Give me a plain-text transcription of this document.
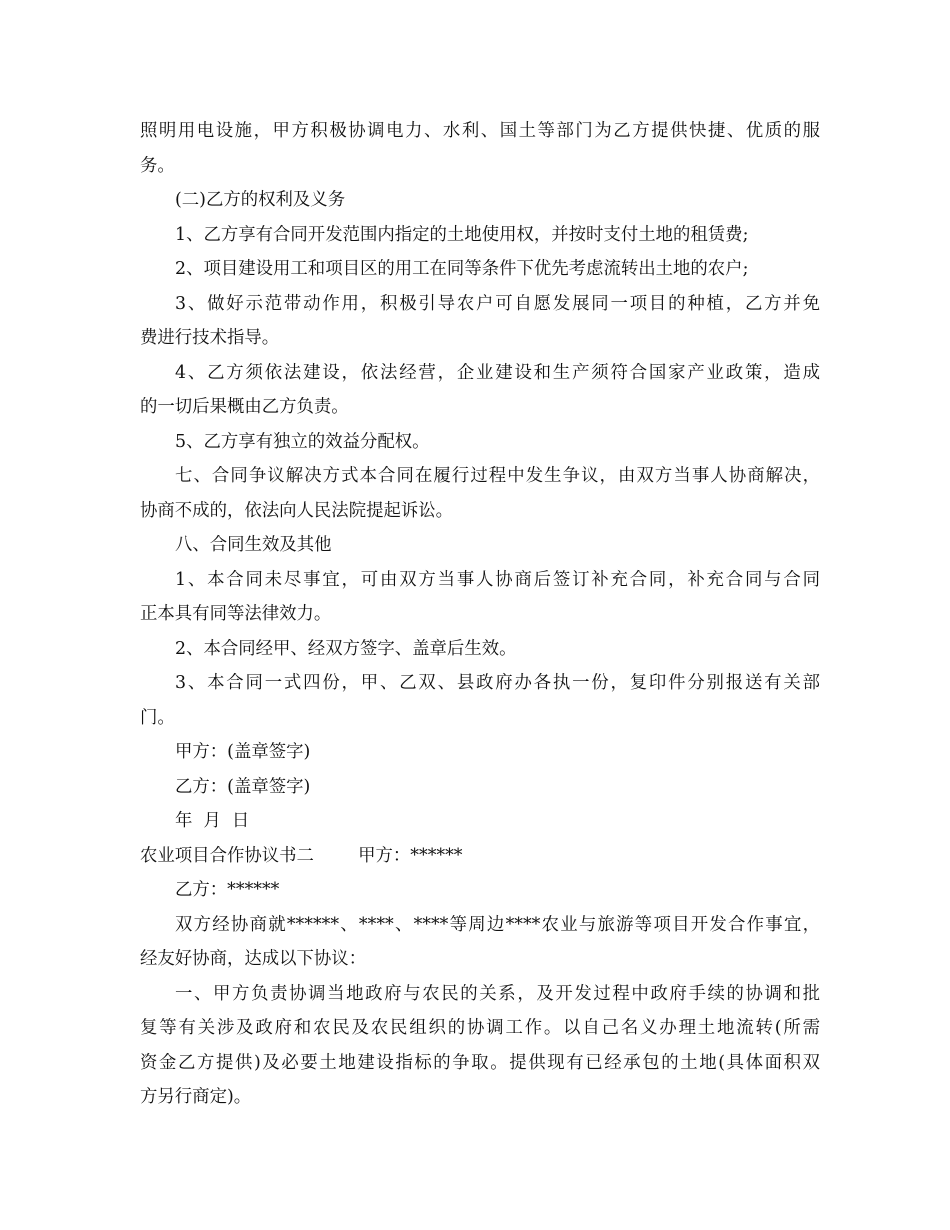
照明用电设施，甲方积极协调电力、水利、国土等部门为乙方提供快捷、优质的服
务。
(二)乙方的权利及义务
1、乙方享有合同开发范围内指定的土地使用权，并按时支付土地的租赁费;
2、项目建设用工和项目区的用工在同等条件下优先考虑流转出土地的农户;
3、做好示范带动作用，积极引导农户可自愿发展同一项目的种植，乙方并免
费进行技术指导。
4、乙方须依法建设，依法经营，企业建设和生产须符合国家产业政策，造成
的一切后果概由乙方负责。
5、乙方享有独立的效益分配权。
七、合同争议解决方式本合同在履行过程中发生争议，由双方当事人协商解决，
协商不成的，依法向人民法院提起诉讼。
八、合同生效及其他
1、本合同未尽事宜，可由双方当事人协商后签订补充合同，补充合同与合同
正本具有同等法律效力。
2、本合同经甲、经双方签字、盖章后生效。
3、本合同一式四份，甲、乙双、县政府办各执一份，复印件分别报送有关部
门。
甲方：(盖章签字)
乙方：(盖章签字)
年  月  日
农业项目合作协议书二        甲方：******
乙方：******
双方经协商就******、****、****等周边****农业与旅游等项目开发合作事宜，
经友好协商，达成以下协议：
一、甲方负责协调当地政府与农民的关系，及开发过程中政府手续的协调和批
复等有关涉及政府和农民及农民组织的协调工作。以自己名义办理土地流转(所需
资金乙方提供)及必要土地建设指标的争取。提供现有已经承包的土地(具体面积双
方另行商定)。
